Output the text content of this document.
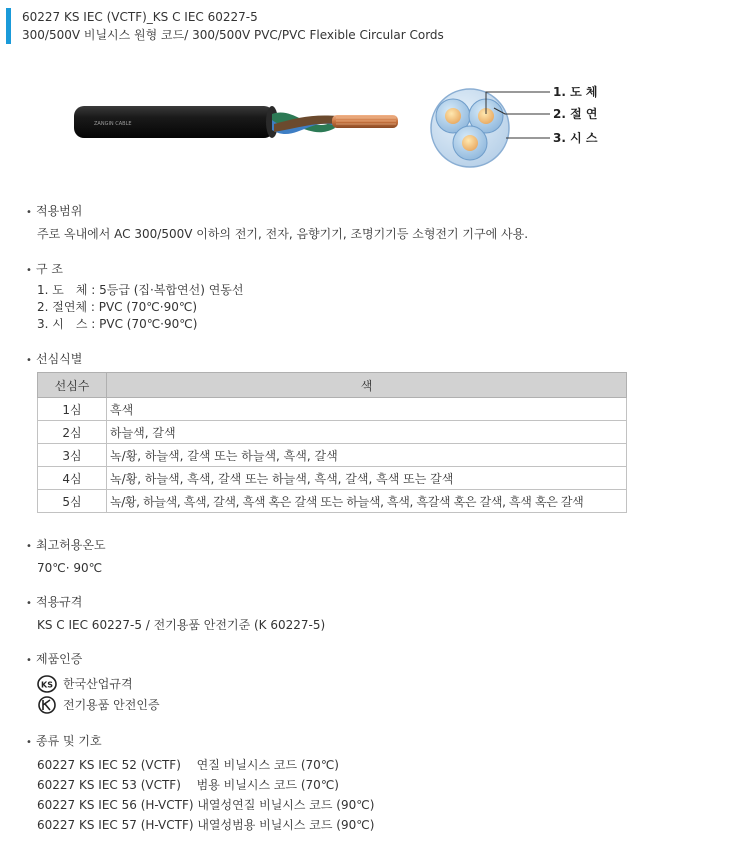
60227 KS IEC (VCTF)_KS C IEC 60227-5
300/500V 비닐시스 원형 코드/ 300/500V PVC/PVC Flexible Circular Cords
ZANGIN CABLE
1. 도 체
2. 절 연
3. 시 스
• 적용범위
주로 옥내에서 AC 300/500V 이하의 전기, 전자, 음향기기, 조명기기등 소형전기 기구에 사용.
• 구 조
1. 도　체 : 5등급 (집·복합연선) 연동선
2. 절연체 : PVC (70℃·90℃)
3. 시　스 : PVC (70℃·90℃)
• 선심식별
선심수	색
1심	흑색
2심	하늘색, 갈색
3심	녹/황, 하늘색, 갈색 또는 하늘색, 흑색, 갈색
4심	녹/황, 하늘색, 흑색, 갈색 또는 하늘색, 흑색, 갈색, 흑색 또는 갈색
5심	녹/황, 하늘색, 흑색, 갈색, 흑색 혹은 갈색 또는 하늘색, 흑색, 흑갈색 혹은 갈색, 흑색 혹은 갈색
• 최고허용온도
70℃· 90℃
• 적용규격
KS C IEC 60227-5 / 전기용품 안전기준 (K 60227-5)
• 제품인증
KS 한국산업규격
전기용품 안전인증
• 종류 및 기호
60227 KS IEC 52 (VCTF)　 연질 비닐시스 코드 (70℃)
60227 KS IEC 53 (VCTF)　 범용 비닐시스 코드 (70℃)
60227 KS IEC 56 (H-VCTF) 내열성연질 비닐시스 코드 (90℃)
60227 KS IEC 57 (H-VCTF) 내열성범용 비닐시스 코드 (90℃)
